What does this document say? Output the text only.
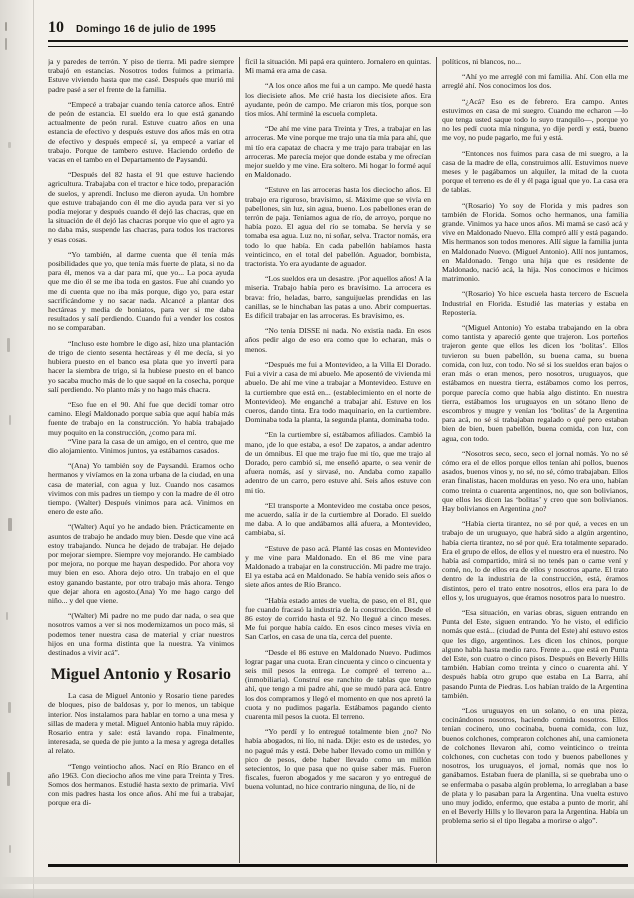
10 Domingo 16 de julio de 1995

ja y paredes de terrón. Y piso de tierra. Mi padre siempre trabajó en estancias. Nosotros todos fuimos a primaria. Estuve viviendo hasta que me casé. Después que murió mi padre pasé a ser el frente de la familia.

“Empecé a trabajar cuando tenía catorce años. Entré de peón de estancia. El sueldo era lo que está ganando actualmente de peón rural. Estuve cuatro años en una estancia de efectivo y después estuve dos años más en otra de efectivo y después empecé sí, ya empecé a variar el trabajo. Porque de tambero estuve. Haciendo ordeño de vacas en el tambo en el Departamento de Paysandú.

“Después del 82 hasta el 91 que estuve haciendo agricultura. Trabajaba con el tractor e hice todo, preparación de suelos, y aprendí. Incluso me dieron ayuda. Un hombre que estuve trabajando con él me dio ayuda para ver si yo podía mejorar y después cuando él dejó las chacras, que en la situación de él dejó las chacras porque vio que el agro ya no daba más, suspende las chacras, para todos los tractores y esas cosas.

“Yo también, al darme cuenta que él tenía más posibilidades que yo, que tenía más fuerte de plata, si no da para él, menos va a dar para mí, que yo... La poca ayuda que me dio él se me iba toda en gastos. Fue ahí cuando yo me di cuenta que no iba más porque, digo yo, para estar sacrificándome y no sacar nada. Alcancé a plantar dos hectáreas y media de boniatos, para ver si me daba resultados y salí perdiendo. Cuando fui a vender los costos no se comparaban.

“Incluso este hombre le digo así, hizo una plantación de trigo de ciento sesenta hectáreas y él me decía, si yo hubiera puesto en el banco esa plata que yo invertí para hacer la siembra de trigo, si la hubiese puesto en el banco yo sacaba mucho más de lo que saqué en la cosecha, porque salí perdiendo. No planto más y no hago más chacra.

“Eso fue en el 90. Ahí fue que decidí tomar otro camino. Elegí Maldonado porque sabía que aquí había más fuente de trabajo en la construcción. Yo había trabajado muy poquito en la construcción, ¿como para mí.

“Vine para la casa de un amigo, en el centro, que me dio alojamiento. Vinimos juntos, ya estábamos casados.

“(Ana) Yo también soy de Paysandú. Eramos ocho hermanos y vivíamos en la zona urbana de la ciudad, en una casa de material, con agua y luz. Cuando nos casamos vivimos con mis padres un tiempo y con la madre de él otro tiempo. (Walter) Después vinimos para acá. Vinimos en enero de este año.

“(Walter) Aquí yo he andado bien. Prácticamente en asuntos de trabajo he andado muy bien. Desde que vine acá estoy trabajando. Nunca he dejado de trabajar. He dejado por mejorar siempre. Siempre voy mejorando. He cambiado por mejora, no porque me hayan despedido. Por ahora voy muy bien en eso. Ahora dejo otro. Un trabajo en el que estoy ganando bastante, por otro trabajo más ahora. Tengo que dejar ahora en agosto.(Ana) Yo me hago cargo del niño... y del que viene.

“(Walter) Mi padre no me pudo dar nada, o sea que nosotros vamos a ver si nos modernizamos un poco más, si podemos tener nuestra casa de material y criar nuestros hijos en una forma distinta que la nuestra. Ya vinimos destinados a vivir acá”.

Miguel Antonio y Rosario

La casa de Miguel Antonio y Rosario tiene paredes de bloques, piso de baldosas y, por lo menos, un tabique interior. Nos instalamos para hablar en torno a una mesa y sillas de madera y metal. Miguel Antonio habla muy rápido. Rosario entra y sale: está lavando ropa. Finalmente, interesada, se queda de pie junto a la mesa y agrega detalles al relato.

“Tengo veintiocho años. Nací en Río Branco en el año 1963. Con dieciocho años me vine para Treinta y Tres. Somos dos hermanos. Estudié hasta sexto de primaria. Viví con mis padres hasta los once años. Ahí me fui a trabajar, porque era di-

fícil la situación. Mi papá era quintero. Jornalero en quintas. Mi mamá era ama de casa.

“A los once años me fui a un campo. Me quedé hasta los diecisiete años. Me crié hasta los diecisiete años. Era ayudante, peón de campo. Me criaron mis tíos, porque son tíos míos. Ahí terminé la escuela completa.

“De ahí me vine para Treinta y Tres, a trabajar en las arroceras. Me vine porque me trajo una tía mía para ahí, que mi tío era capataz de chacra y me trajo para trabajar en las arroceras. Me parecía mejor que donde estaba y me ofrecían mejor sueldo y me vine. Era soltero. Mi hogar lo formé aquí en Maldonado.

“Estuve en las arroceras hasta los dieciocho años. El trabajo era riguroso, bravísimo, sí. Máxime que se vivía en pabellones, sin luz, sin agua, bueno. Los pabellones eran de terrón de paja. Teníamos agua de río, de arroyo, porque no había pozo. El agua del río se tomaba. Se hervía y se tomaba esa agua. Luz no, ni soñar, selva. Tractor nomás, era todo lo que había. En cada pabellón habíamos hasta veinticinco, en el total del pabellón. Aguador, bombista, tractorista. Yo era ayudante de aguador.

“Los sueldos era un desastre. ¡Por aquellos años! A la miseria. Trabajo había pero es bravísimo. La arrocera es brava: frío, heladas, barro, sanguijuelas prendidas en las canillas, se le hinchaban las patas a uno. Abrir compuertas. Es difícil trabajar en las arroceras. Es bravísimo, es.

“No tenía DISSE ni nada. No existía nada. En esos años pedir algo de eso era como que lo echaran, más o menos.

“Después me fui a Montevideo, a la Villa El Dorado. Fui a vivir a casa de mi abuelo. Me aposentó de vivienda mi abuelo. De ahí me vine a trabajar a Montevideo. Estuve en la curtiembre que está en... (establecimiento en el norte de Montevideo). Me enganché a trabajar ahí. Estuve en los cueros, dando tinta. Era todo maquinario, en la curtiembre. Dominaba toda la planta, la segunda planta, dominaba todo.

“En la curtiembre sí, estábamos afiliados. Cambió la mano, ¡de lo que estaba, a eso! De zapatos, a andar adentro de un ómnibus. El que me trajo fue mi tío, que me trajo al Dorado, pero cambió sí, me enseñó aparte, o sea venir de afuera nomás, así y sirvasé, no. Andaba como zapallo adentro de un carro, pero estuve ahí. Seis años estuve con mi tío.

“El transporte a Montevideo me costaba once pesos, me acuerdo, salía ir de la curtiembre al Dorado. El sueldo me daba. A lo que andábamos allá afuera, a Montevideo, cambiaba, sí.

“Estuve de paso acá. Planté las cosas en Montevideo y me vine para Maldonado. En el 86 me vine para Maldonado a trabajar en la construcción. Mi padre me trajo. El ya estaba acá en Maldonado. Se había venido seis años o siete años antes de Río Branco.

“Había estado antes de vuelta, de paso, en el 81, que fue cuando fracasó la industria de la construcción. Desde el 86 estoy de corrido hasta el 92. No llegué a cinco meses. Me fui porque había caído. En esos cinco meses vivía en San Carlos, en casa de una tía, cerca del puente.

“Desde el 86 estuve en Maldonado Nuevo. Pudimos lograr pagar una cuota. Eran cincuenta y cinco o cincuenta y seis mil pesos la entrega. Le compré el terreno a... (inmobiliaria). Construí ese ranchito de tablas que tengo ahí, que tengo a mi padre ahí, que se mudó para acá. Entre los dos compramos y llegó el momento en que nos apretó la cuota y no pudimos pagarla. Estábamos pagando ciento cuarenta mil pesos la cuota. El terreno.

“Yo perdí y lo entregué totalmente bien ¿no? No había abogados, ni lío, ni nada. Dije: esto es de ustedes, yo no pagué más y está. Debe haber llevado como un millón y pico de pesos, debe haber llevado como un millón setecientos, lo que pasa que no quise saber más. Fueron fiscales, fueron abogados y me sacaron y yo entregué de buena voluntad, no hice contrario ninguna, de lío, ni de

políticos, ni blancos, no...

“Ahí yo me arreglé con mi familia. Ahí. Con ella me arreglé ahí. Nos conocimos los dos.

“¿Acá? Eso es de febrero. Era campo. Antes estuvimos en casa de mi suegro. Cuando me echaron —lo que tenga usted saque todo lo suyo tranquilo—, porque yo no les pedí cuota mía ninguna, yo dije perdí y está, bueno me voy, no pude pagarlo, me fui y está.

“Entonces nos fuimos para casa de mi suegro, a la casa de la madre de ella, construimos allí. Estuvimos nueve meses y le pagábamos un alquiler, la mitad de la cuota porque el terreno es de él y él paga igual que yo. La casa era de tablas.

“(Rosario) Yo soy de Florida y mis padres son también de Florida. Somos ocho hermanos, una familia grande. Vinimos ya hace unos años. Mi mamá se casó acá y vive en Maldonado Nuevo. Ella compró allí y está pagando. Mis hermanos son todos menores. Allí sigue la familia junta en Maldonado Nuevo. (Miguel Antonio). Allí nos juntamos, en Maldonado. Tengo una hija que es residente de Maldonado, nació acá, la hija. Nos conocimos e hicimos matrimonio.

“(Rosario) Yo hice escuela hasta tercero de Escuela Industrial en Florida. Estudié las materias y estaba en Repostería.

“(Miguel Antonio) Yo estaba trabajando en la obra como tantista y apareció gente que trajeron. Los porteños trajeron gente que ellos les dicen los ‘bolitas’. Ellos tuvieron su buen pabellón, su buena cama, su buena comida, con luz, con todo. No sé si los sueldos eran bajos o eran más o eran menos, pero nosotros, uruguayos, que estábamos en nuestra tierra, estábamos como los perros, porque parecía como que había algo distinto. En nuestra tierra, estábamos los uruguayos en un sótano lleno de escombros y mugre y venían los ‘bolitas’ de la Argentina para acá, no sé si trabajaban regalado o qué pero estaban bien de bien, buen pabellón, buena comida, con luz, con agua, con todo.

“Nosotros seco, seco, seco el jornal nomás. Yo no sé cómo era el de ellos porque ellos tenían ahí pollos, buenos asados, buenos vinos y, no sé, no sé, cómo trabajaban. Ellos eran finalistas, hacen molduras en yeso. No era uno, habían como treinta o cuarenta argentinos, no, que son bolivianos, que ellos les dicen las ‘bolitas’ y creo que son bolivianos. Hay bolivianos en Argentina ¿no?

“Había cierta tirantez, no sé por qué, a veces en un trabajo de un uruguayo, que habrá sido a algún argentino, había cierta tirantez, no sé por qué. Era totalmente separado. Era el grupo de ellos, de ellos y el nuestro era el nuestro. No había así compartido, mirá si no tenés pan o carne vení y comé, no, lo de ellos era de ellos y nosotros aparte. El trato dentro de la industria de la construcción, está, éramos distintos, pero el trato entre nosotros, ellos era para lo de ellos y, los uruguayos, que éramos nosotros para lo nuestro.

“Esa situación, en varias obras, siguen entrando en Punta del Este, siguen entrando. Yo he visto, el edificio nomás que está... (ciudad de Punta del Este) ahí estuvo estos que les digo, argentinos. Les dicen los chinos, porque alguno habla hasta medio raro. Frente a... que está en Punta del Este, son cuatro o cinco pisos. Después en Beverly Hills también. Habían como treinta y cinco o cuarenta ahí. Y después había otro grupo que estaba en La Barra, ahí pasando Punta de Piedras. Los habían traído de la Argentina también.

“Los uruguayos en un solano, o en una pieza, cocinándonos nosotros, haciendo comida nosotros. Ellos tenían cocinero, uno cocinaba, buena comida, con luz, buenos colchones, compraron colchones ahí, una camioneta de colchones llevaron ahí, como veinticinco o treinta colchones, con cuchetas con todo y buenos pabellones y nosotros, los uruguayos, el jornal, nomás que nos lo ganábamos. Estaban fuera de planilla, si se quebraba uno o se enfermaba o pasaba algún problema, lo arreglaban a base de plata y lo pasaban para la Argentina. Una vuelta estuvo uno muy jodido, enfermo, que estaba a punto de morir, ahí en el Beverly Hills y lo llevaron para la Argentina. Había un problema serio si el tipo llegaba a morirse o algo”.
